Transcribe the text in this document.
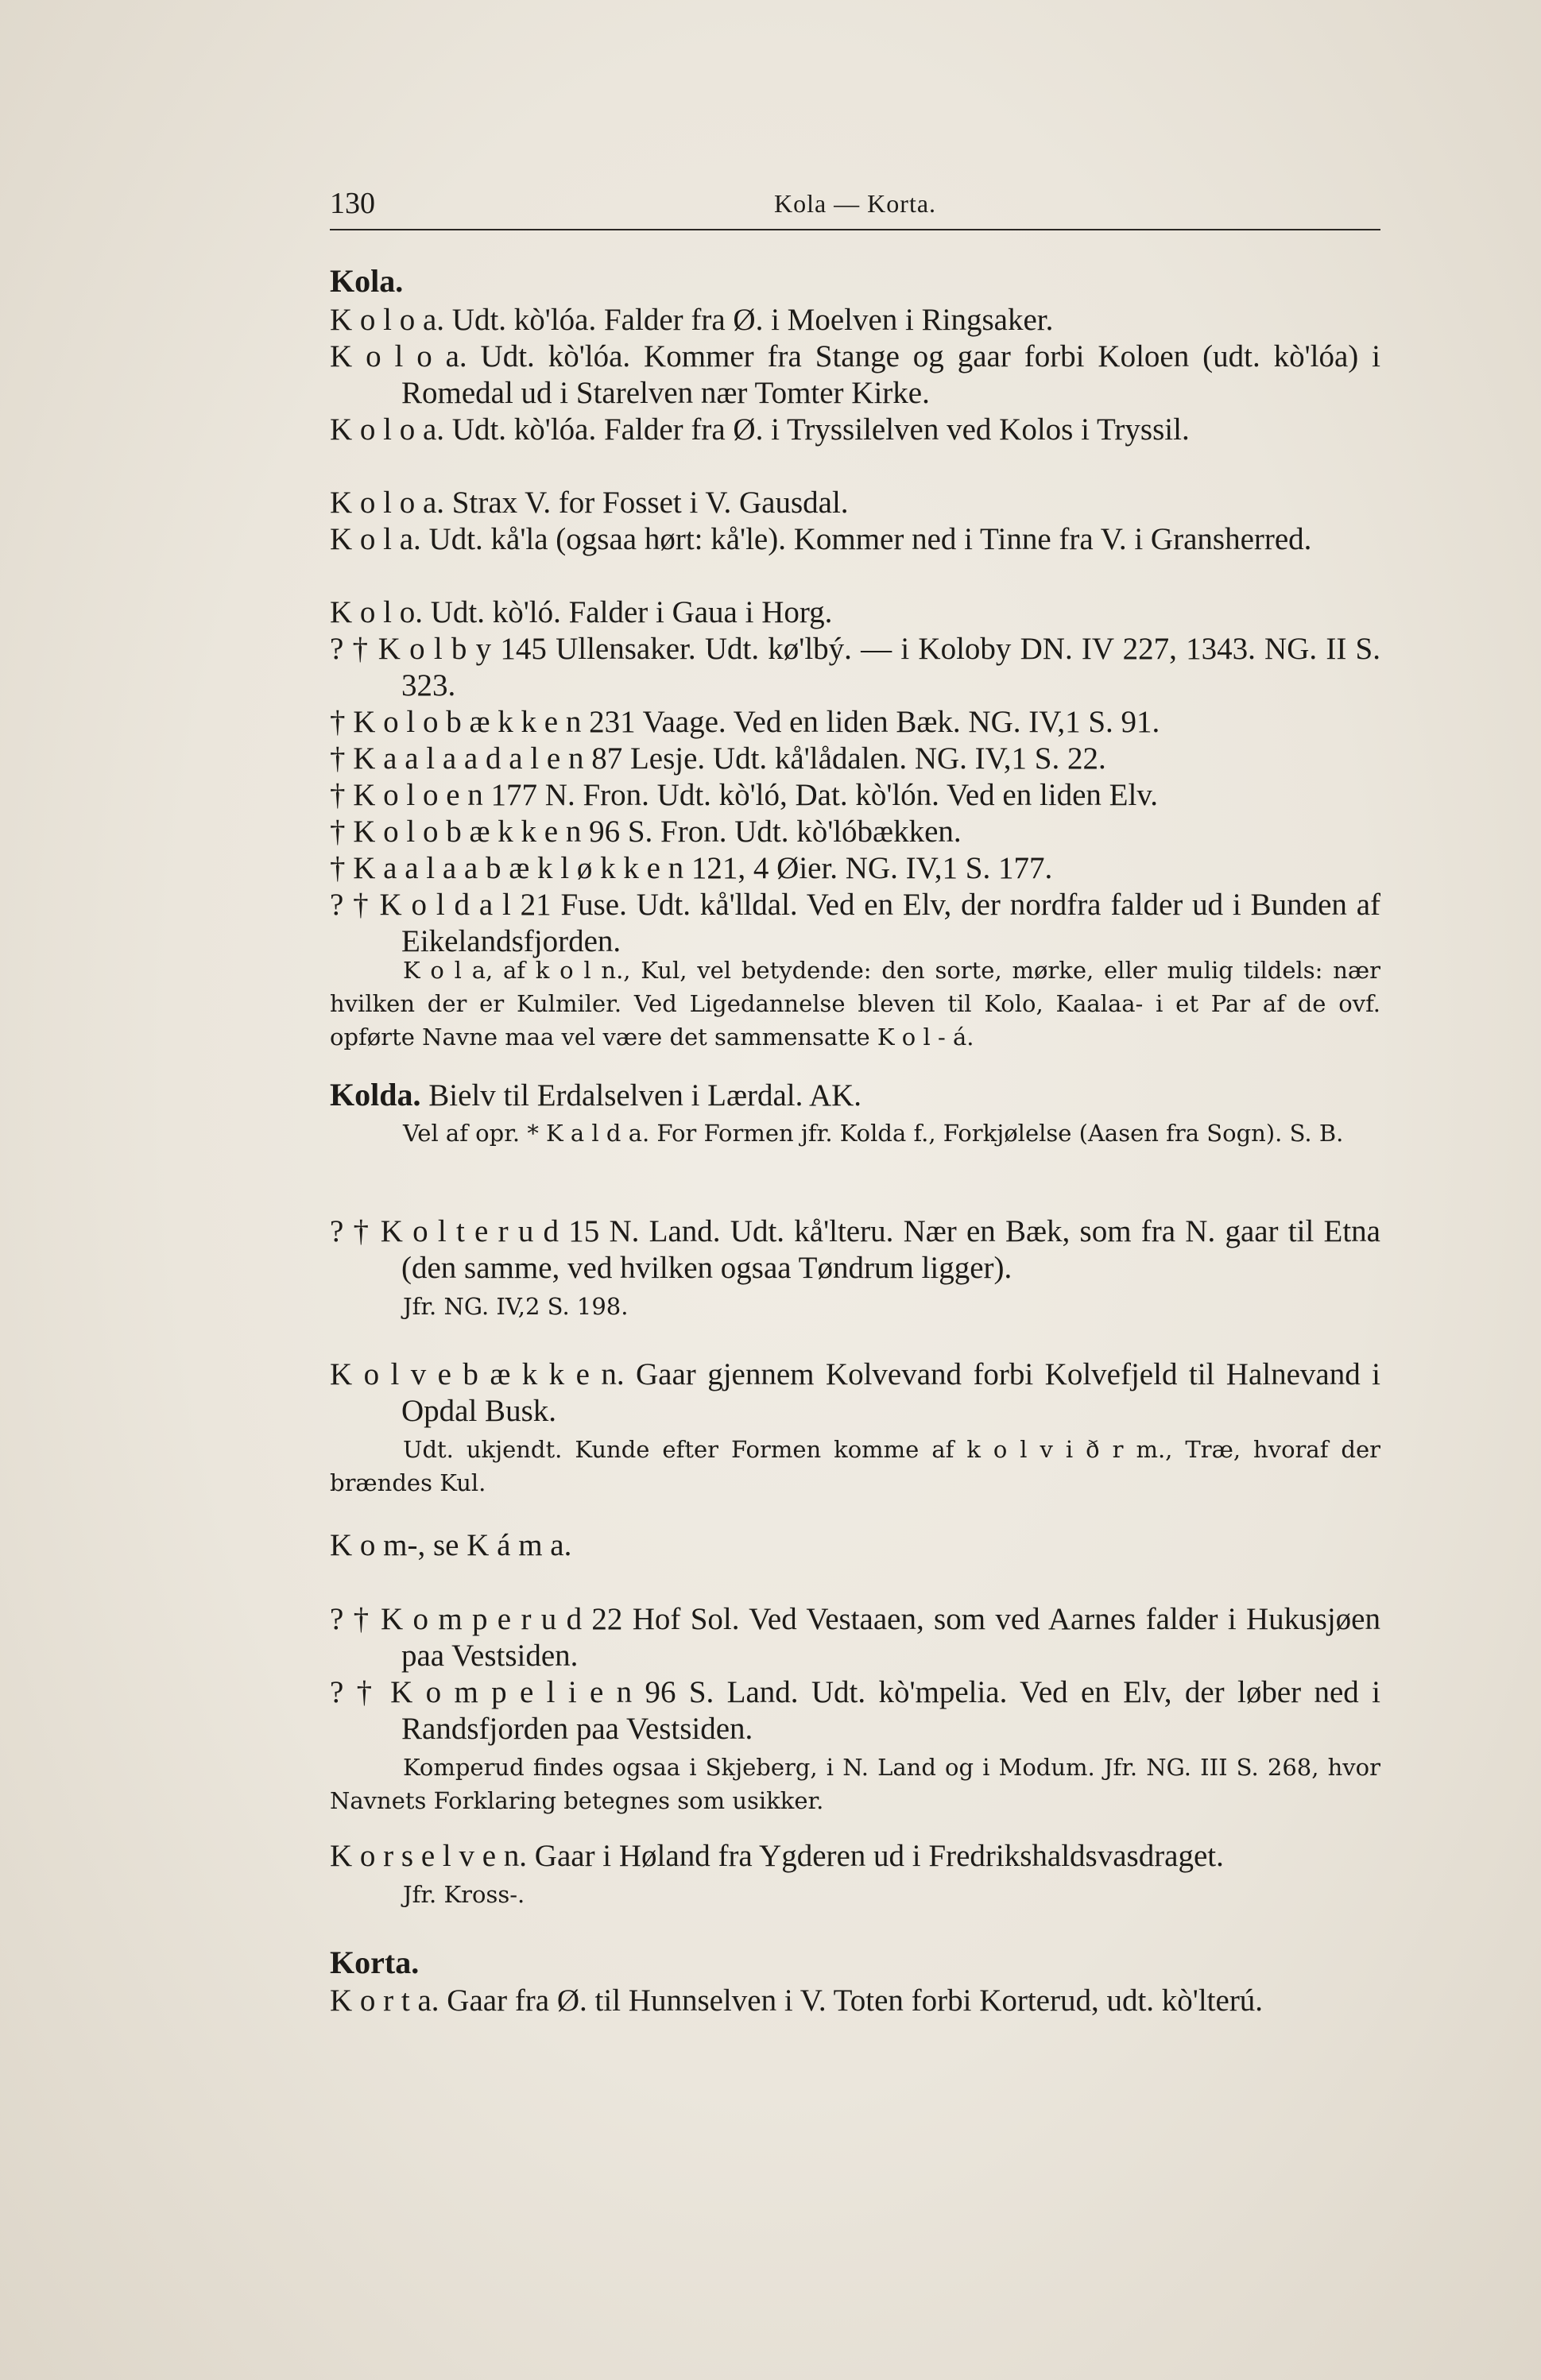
130	Kola — Korta.
Kola.
K o l o a. Udt. kò'lóa. Falder fra Ø. i Moelven i Ringsaker.
K o l o a. Udt. kò'lóa. Kommer fra Stange og gaar forbi Koloen (udt. kò'lóa) i Romedal ud i Starelven nær Tomter Kirke.
K o l o a. Udt. kò'lóa. Falder fra Ø. i Tryssilelven ved Kolos i Tryssil.
K o l o a. Strax V. for Fosset i V. Gausdal.
K o l a. Udt. kå'la (ogsaa hørt: kå'le). Kommer ned i Tinne fra V. i Gransherred.
K o l o. Udt. kò'ló. Falder i Gaua i Horg.
? † K o l b y 145 Ullensaker. Udt. kø'lbý. — i Koloby DN. IV 227, 1343. NG. II S. 323.
† K o l o b æ k k e n 231 Vaage. Ved en liden Bæk. NG. IV,1 S. 91.
† K a a l a a d a l e n 87 Lesje. Udt. kå'lådalen. NG. IV,1 S. 22.
† K o l o e n 177 N. Fron. Udt. kò'ló, Dat. kò'lón. Ved en liden Elv.
† K o l o b æ k k e n 96 S. Fron. Udt. kò'lóbækken.
† K a a l a a b æ k l ø k k e n 121, 4 Øier. NG. IV,1 S. 177.
? † K o l d a l 21 Fuse. Udt. kå'lldal. Ved en Elv, der nordfra falder ud i Bunden af Eikelandsfjorden.
K o l a, af k o l n., Kul, vel betydende: den sorte, mørke, eller mulig tildels: nær hvilken der er Kulmiler. Ved Ligedannelse bleven til Kolo, Kaalaa- i et Par af de ovf. opførte Navne maa vel være det sammensatte K o l - á.
Kolda. Bielv til Erdalselven i Lærdal. AK.
Vel af opr. * K a l d a. For Formen jfr. Kolda f., Forkjølelse (Aasen fra Sogn). S. B.
? † K o l t e r u d 15 N. Land. Udt. kå'lteru. Nær en Bæk, som fra N. gaar til Etna (den samme, ved hvilken ogsaa Tøndrum ligger).
Jfr. NG. IV,2 S. 198.
K o l v e b æ k k e n. Gaar gjennem Kolvevand forbi Kolvefjeld til Halnevand i Opdal Busk.
Udt. ukjendt. Kunde efter Formen komme af k o l v i ð r m., Træ, hvoraf der brændes Kul.
K o m-, se K á m a.
? † K o m p e r u d 22 Hof Sol. Ved Vestaaen, som ved Aarnes falder i Hukusjøen paa Vestsiden.
? † K o m p e l i e n 96 S. Land. Udt. kò'mpelia. Ved en Elv, der løber ned i Randsfjorden paa Vestsiden.
Komperud findes ogsaa i Skjeberg, i N. Land og i Modum. Jfr. NG. III S. 268, hvor Navnets Forklaring betegnes som usikker.
K o r s e l v e n. Gaar i Høland fra Ygderen ud i Fredrikshaldsvasdraget.
Jfr. Kross-.
Korta.
K o r t a. Gaar fra Ø. til Hunnselven i V. Toten forbi Korterud, udt. kò'lterú.
